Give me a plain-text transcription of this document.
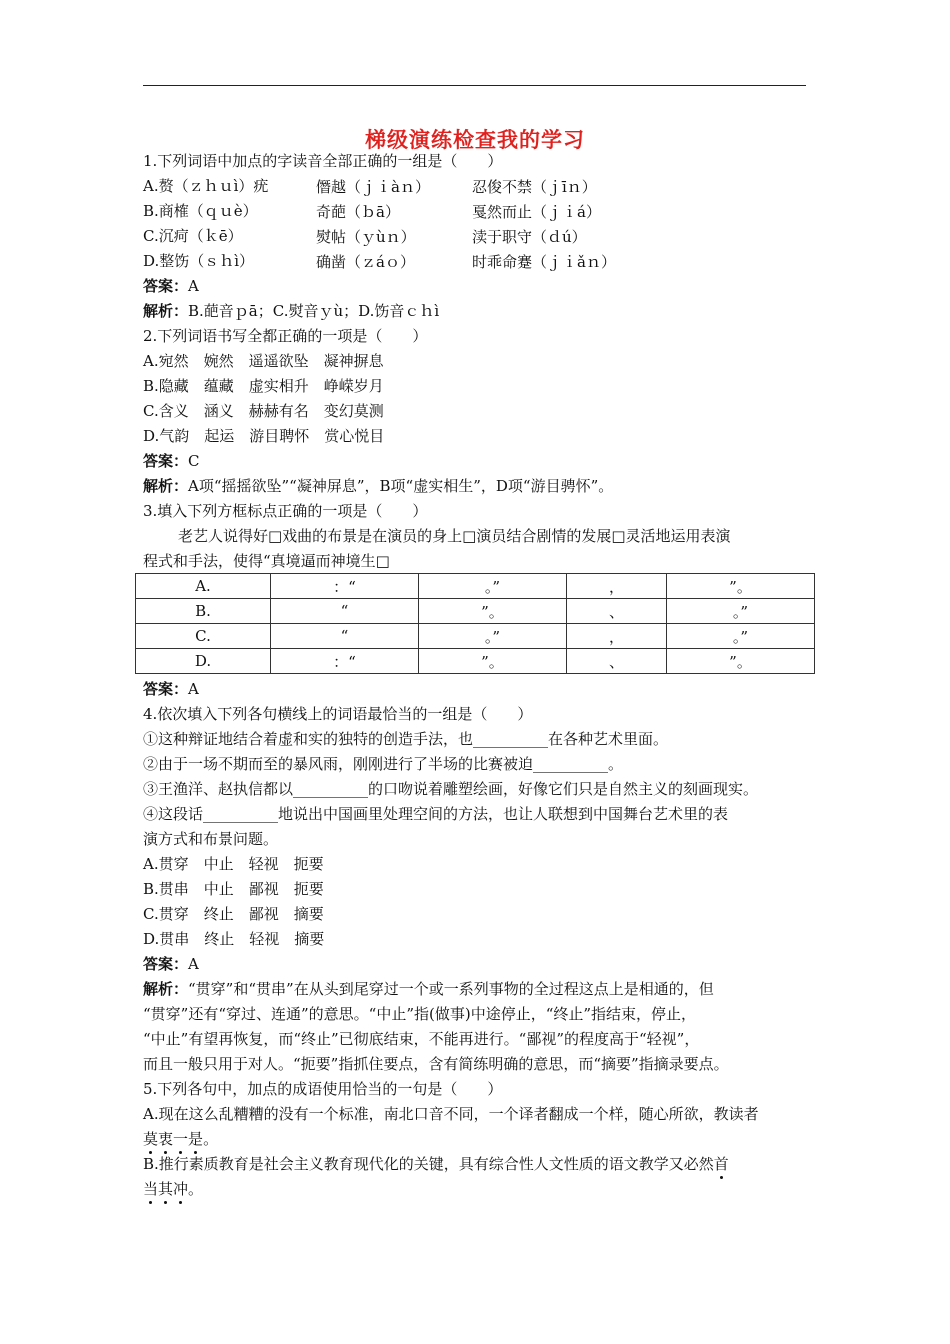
梯级演练检查我的学习
1.下列词语中加点的字读音全部正确的一组是（　　）
A.赘（ｚｈｕì）疣	僭越（ｊｉàｎ）	忍俊不禁（ｊīｎ）
B.商榷（ｑｕè）	奇葩（ｂā）	戛然而止（ｊｉá）
C.沉疴（ｋē）	熨帖（ｙùｎ）	渎于职守（ｄú）
D.整饬（ｓｈì）	确凿（ｚáｏ）	时乖命蹇（ｊｉǎｎ）
答案：A
解析：B.葩音ｐā；C.熨音ｙù；D.饬音ｃｈì
2.下列词语书写全都正确的一项是（　　）
A.宛然　婉然　遥遥欲坠　凝神摒息
B.隐藏　蕴藏　虚实相升　峥嵘岁月
C.含义　涵义　赫赫有名　变幻莫测
D.气韵　起运　游目聘怀　赏心悦目
答案：C
解析：A项“摇摇欲坠”“凝神屏息”，B项“虚实相生”，D项“游目骋怀”。
3.填入下列方框标点正确的一项是（　　）
老艺人说得好□戏曲的布景是在演员的身上□演员结合剧情的发展□灵活地运用表演
程式和手法，使得“真境逼而神境生□
A.	：“	。”	，	”。
B.	“	”。	、	。”
C.	“	。”	，	。”
D.	：“	”。	、	”。
答案：A
4.依次填入下列各句横线上的词语最恰当的一组是（　　）
①这种辩证地结合着虚和实的独特的创造手法，也__________在各种艺术里面。
②由于一场不期而至的暴风雨，刚刚进行了半场的比赛被迫__________。
③王渔洋、赵执信都以__________的口吻说着雕塑绘画，好像它们只是自然主义的刻画现实。
④这段话__________地说出中国画里处理空间的方法，也让人联想到中国舞台艺术里的表
演方式和布景问题。
A.贯穿　中止　轻视　扼要
B.贯串　中止　鄙视　扼要
C.贯穿　终止　鄙视　摘要
D.贯串　终止　轻视　摘要
答案：A
解析：“贯穿”和“贯串”在从头到尾穿过一个或一系列事物的全过程这点上是相通的，但
“贯穿”还有“穿过、连通”的意思。“中止”指(做事)中途停止，“终止”指结束，停止，
“中止”有望再恢复，而“终止”已彻底结束，不能再进行。“鄙视”的程度高于“轻视”，
而且一般只用于对人。“扼要”指抓住要点，含有简练明确的意思，而“摘要”指摘录要点。
5.下列各句中，加点的成语使用恰当的一句是（　　）
A.现在这么乱糟糟的没有一个标准，南北口音不同，一个译者翻成一个样，随心所欲，教读者
莫衷一是。
B.推行素质教育是社会主义教育现代化的关键，具有综合性人文性质的语文教学又必然首
当其冲。
